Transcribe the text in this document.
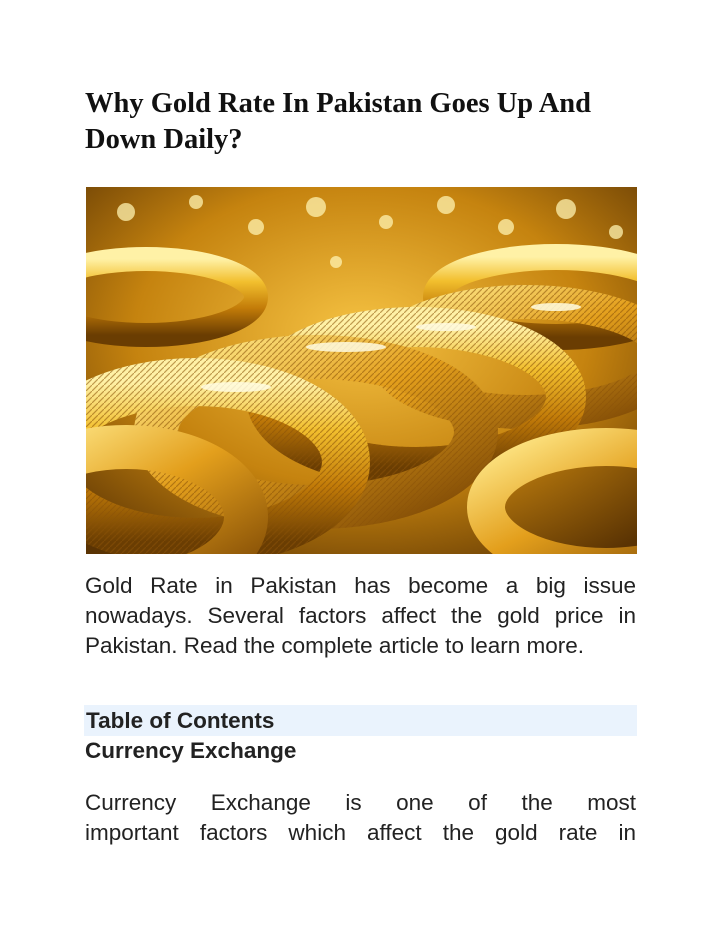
Why Gold Rate In Pakistan Goes Up And Down Daily?

Gold Rate in Pakistan has become a big issue nowadays. Several factors affect the gold price in Pakistan. Read the complete article to learn more.

Table of Contents

Currency Exchange
Currency Exchange is one of the most
important factors which affect the gold rate in
